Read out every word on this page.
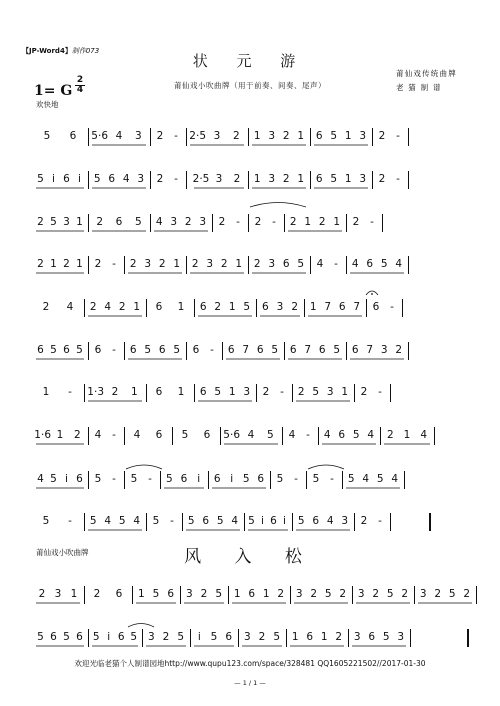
【JP-Word4】制作073
状 元 游
莆仙戏小吹曲牌（用于前奏、间奏、尾声）
莆仙戏传统曲牌
老 猫 制 谱
1= G
2
4
欢快地
5 6 5·6 4 3 2 - 2·5 3 2 1 3 2 1 6 5 1 3 2 -
5 i 6 i 5 6 4 3 2 - 2·5 3 2 1 3 2 1 6 5 1 3 2 -
2 5 3 1 2 6 5 4 3 2 3 2 - 2 - 2 1 2 1 2 -
2 1 2 1 2 - 2 3 2 1 2 3 2 1 2 3 6 5 4 - 4 6 5 4
2 4 2 4 2 1 6 1 6 2 1 5 6 3 2 1 7 6 7 6 -
6 5 6 5 6 - 6 5 6 5 6 - 6 7 6 5 6 7 6 5 6 7 3 2
1 - 1·3 2 1 6 1 6 5 1 3 2 - 2 5 3 1 2 -
1·6 1 2 4 - 4 6 5 6 5·6 4 5 4 - 4 6 5 4 2 1 4
4 5 i 6 5 - 5 - 5 6 i 6 i 5 6 5 - 5 - 5 4 5 4
5 - 5 4 5 4 5 - 5 6 5 4 5 i 6 i 5 6 4 3 2 -
2 3 1 2 6 1 5 6 3 2 5 1 6 1 2 3 2 5 2 3 2 5 2 3 2 5 2
5 6 5 6 5 i 6 5 3 2 5 i 5 6 3 2 5 1 6 1 2 3 6 5 3
莆仙戏小吹曲牌	风 入 松
欢迎光临老猫个人制谱园地http://www.qupu123.com/space/328481 QQ1605221502//2017-01-30
— 1 / 1 —
